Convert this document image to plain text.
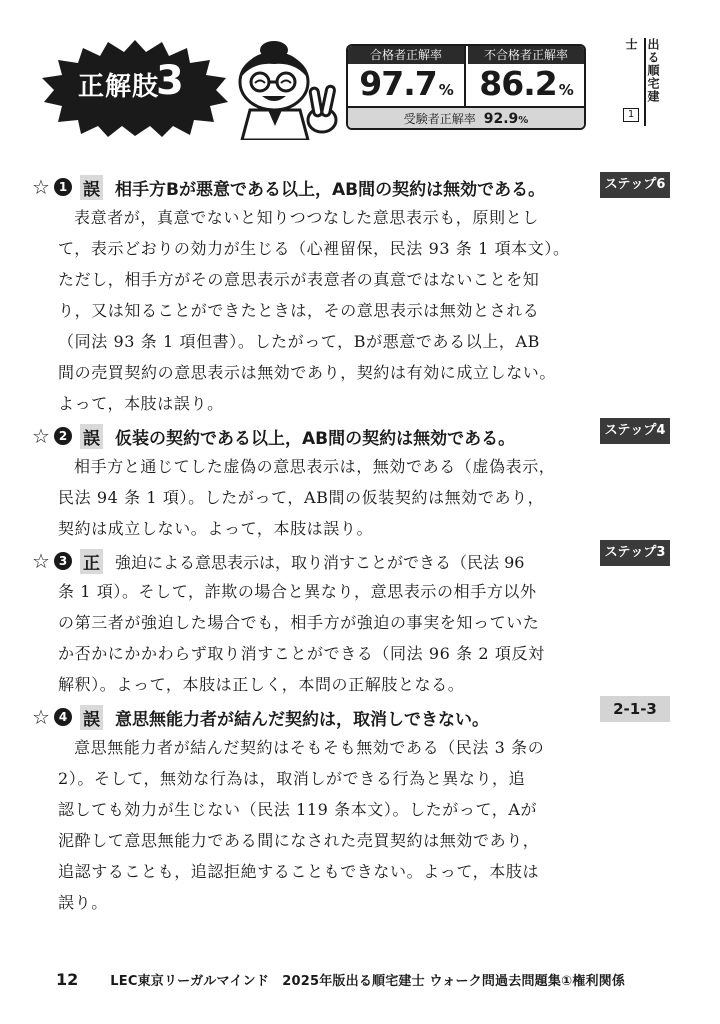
正解肢
3
合格者正解率
97.7 %
不合格者正解率
86.2 %
受験者正解率 92.9%
出る順宅建士
1
☆ 1 誤 相手方Bが悪意である以上，AB間の契約は無効である。

表意者が，真意でないと知りつつなした意思表示も，原則とし

て，表示どおりの効力が生じる（心裡留保，民法 93 条 1 項本文）。

ただし，相手方がその意思表示が表意者の真意ではないことを知

り，又は知ることができたときは，その意思表示は無効とされる

（同法 93 条 1 項但書）。したがって，Bが悪意である以上，AB

間の売買契約の意思表示は無効であり，契約は有効に成立しない。

よって，本肢は誤り。

☆ 2 誤 仮装の契約である以上，AB間の契約は無効である。

相手方と通じてした虚偽の意思表示は，無効である（虚偽表示，

民法 94 条 1 項）。したがって，AB間の仮装契約は無効であり，

契約は成立しない。よって，本肢は誤り。

☆ 3 正 強迫による意思表示は，取り消すことができる（民法 96

条 1 項）。そして，詐欺の場合と異なり，意思表示の相手方以外

の第三者が強迫した場合でも，相手方が強迫の事実を知っていた

か否かにかかわらず取り消すことができる（同法 96 条 2 項反対

解釈）。よって，本肢は正しく，本問の正解肢となる。

☆ 4 誤 意思無能力者が結んだ契約は，取消しできない。

意思無能力者が結んだ契約はそもそも無効である（民法 3 条の

2）。そして，無効な行為は，取消しができる行為と異なり，追

認しても効力が生じない（民法 119 条本文）。したがって，Aが

泥酔して意思無能力である間になされた売買契約は無効であり，

追認することも，追認拒絶することもできない。よって，本肢は

誤り。

ステップ6
ステップ4
ステップ3
2-1-3
12 LEC東京リーガルマインド　2025年版出る順宅建士 ウォーク問過去問題集①権利関係
